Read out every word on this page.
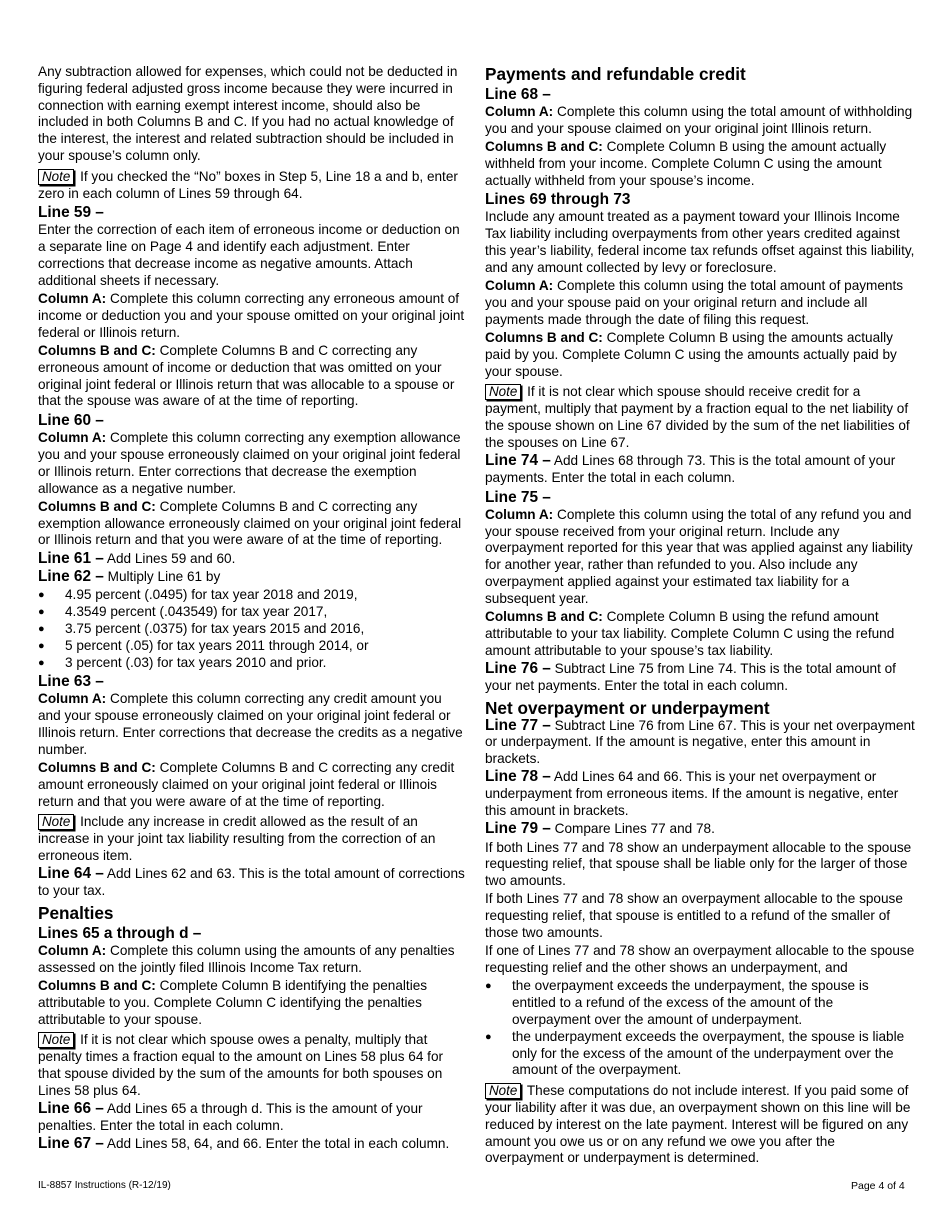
Any subtraction allowed for expenses, which could not be deducted in figuring federal adjusted gross income because they were incurred in connection with earning exempt interest income, should also be included in both Columns B and C. If you had no actual knowledge of the interest, the interest and related subtraction should be included in your spouse’s column only.

Note If you checked the “No” boxes in Step 5, Line 18 a and b, enter zero in each column of Lines 59 through 64.

Line 59 –

Enter the correction of each item of erroneous income or deduction on a separate line on Page 4 and identify each adjustment. Enter corrections that decrease income as negative amounts. Attach additional sheets if necessary.

Column A: Complete this column correcting any erroneous amount of income or deduction you and your spouse omitted on your original joint federal or Illinois return.

Columns B and C: Complete Columns B and C correcting any erroneous amount of income or deduction that was omitted on your original joint federal or Illinois return that was allocable to a spouse or that the spouse was aware of at the time of reporting.

Line 60 –

Column A: Complete this column correcting any exemption allowance you and your spouse erroneously claimed on your original joint federal or Illinois return. Enter corrections that decrease the exemption allowance as a negative number.

Columns B and C: Complete Columns B and C correcting any exemption allowance erroneously claimed on your original joint federal or Illinois return and that you were aware of at the time of reporting.

Line 61 – Add Lines 59 and 60.

Line 62 – Multiply Line 61 by

● 4.95 percent (.0495) for tax year 2018 and 2019,
● 4.3549 percent (.043549) for tax year 2017,
● 3.75 percent (.0375) for tax years 2015 and 2016,
● 5 percent (.05) for tax years 2011 through 2014, or
● 3 percent (.03) for tax years 2010 and prior.
Line 63 –

Column A: Complete this column correcting any credit amount you and your spouse erroneously claimed on your original joint federal or Illinois return. Enter corrections that decrease the credits as a negative number.

Columns B and C: Complete Columns B and C correcting any credit amount erroneously claimed on your original joint federal or Illinois return and that you were aware of at the time of reporting.

Note Include any increase in credit allowed as the result of an increase in your joint tax liability resulting from the correction of an erroneous item.

Line 64 – Add Lines 62 and 63. This is the total amount of corrections to your tax.

Penalties
Lines 65 a through d –

Column A: Complete this column using the amounts of any penalties assessed on the jointly filed Illinois Income Tax return.

Columns B and C: Complete Column B identifying the penalties attributable to you. Complete Column C identifying the penalties attributable to your spouse.

Note If it is not clear which spouse owes a penalty, multiply that penalty times a fraction equal to the amount on Lines 58 plus 64 for that spouse divided by the sum of the amounts for both spouses on Lines 58 plus 64.

Line 66 – Add Lines 65 a through d. This is the amount of your penalties. Enter the total in each column.

Line 67 – Add Lines 58, 64, and 66. Enter the total in each column.

Payments and refundable credit
Line 68 –

Column A: Complete this column using the total amount of withholding you and your spouse claimed on your original joint Illinois return.

Columns B and C: Complete Column B using the amount actually withheld from your income. Complete Column C using the amount actually withheld from your spouse’s income.

Lines 69 through 73

Include any amount treated as a payment toward your Illinois Income Tax liability including overpayments from other years credited against this year’s liability, federal income tax refunds offset against this liability, and any amount collected by levy or foreclosure.

Column A: Complete this column using the total amount of payments you and your spouse paid on your original return and include all payments made through the date of filing this request.

Columns B and C: Complete Column B using the amounts actually paid by you. Complete Column C using the amounts actually paid by your spouse.

Note If it is not clear which spouse should receive credit for a payment, multiply that payment by a fraction equal to the net liability of the spouse shown on Line 67 divided by the sum of the net liabilities of the spouses on Line 67.

Line 74 – Add Lines 68 through 73. This is the total amount of your payments. Enter the total in each column.

Line 75 –

Column A: Complete this column using the total of any refund you and your spouse received from your original return. Include any overpayment reported for this year that was applied against any liability for another year, rather than refunded to you. Also include any overpayment applied against your estimated tax liability for a subsequent year.

Columns B and C: Complete Column B using the refund amount attributable to your tax liability. Complete Column C using the refund amount attributable to your spouse’s tax liability.

Line 76 – Subtract Line 75 from Line 74. This is the total amount of your net payments. Enter the total in each column.

Net overpayment or underpayment

Line 77 – Subtract Line 76 from Line 67. This is your net overpayment or underpayment. If the amount is negative, enter this amount in brackets.

Line 78 – Add Lines 64 and 66. This is your net overpayment or underpayment from erroneous items. If the amount is negative, enter this amount in brackets.

Line 79 – Compare Lines 77 and 78.

If both Lines 77 and 78 show an underpayment allocable to the spouse requesting relief, that spouse shall be liable only for the larger of those two amounts.

If both Lines 77 and 78 show an overpayment allocable to the spouse requesting relief, that spouse is entitled to a refund of the smaller of those two amounts.

If one of Lines 77 and 78 show an overpayment allocable to the spouse requesting relief and the other shows an underpayment, and

● the overpayment exceeds the underpayment, the spouse is entitled to a refund of the excess of the amount of the overpayment over the amount of underpayment.
● the underpayment exceeds the overpayment, the spouse is liable only for the excess of the amount of the underpayment over the amount of the overpayment.

Note These computations do not include interest. If you paid some of your liability after it was due, an overpayment shown on this line will be reduced by interest on the late payment. Interest will be figured on any amount you owe us or on any refund we owe you after the overpayment or underpayment is determined.

IL-8857 Instructions (R-12/19)	Page 4 of 4
